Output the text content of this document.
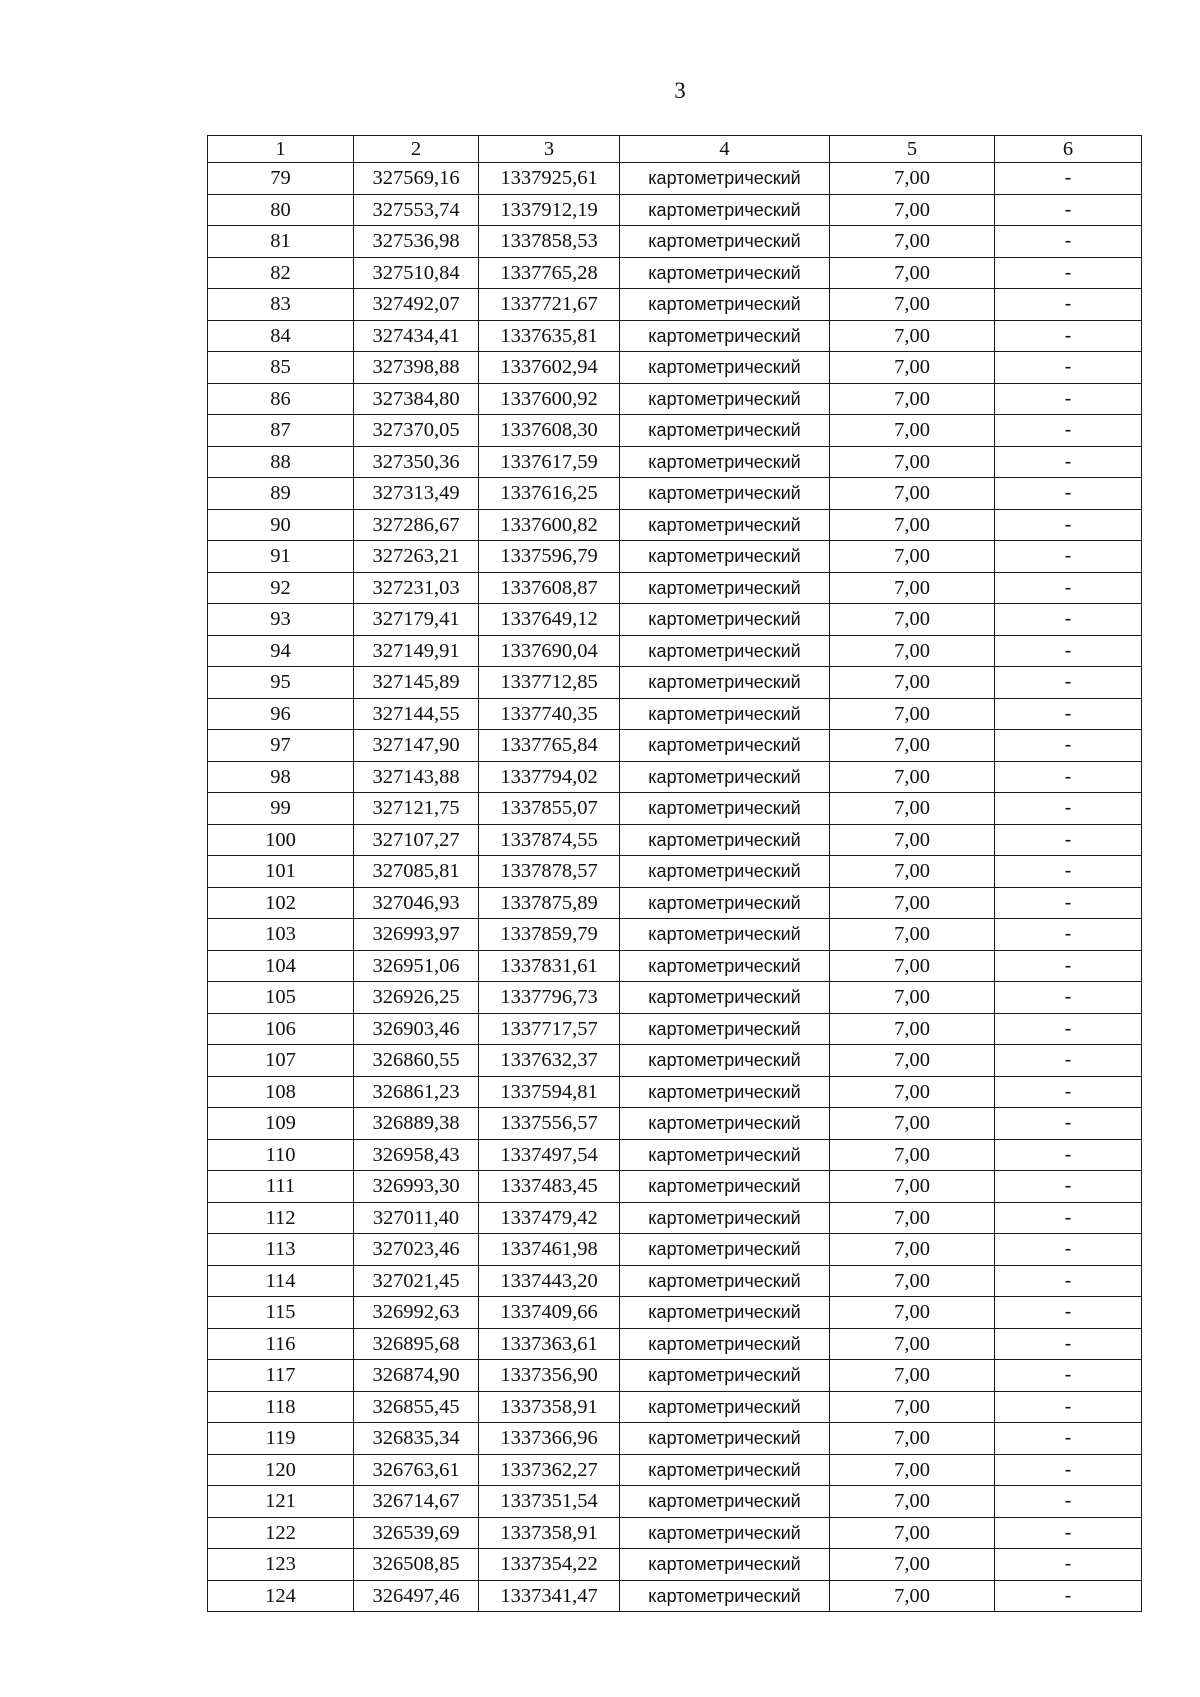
3
1	2	3	4	5	6
79	327569,16	1337925,61	картометрический	7,00	-
80	327553,74	1337912,19	картометрический	7,00	-
81	327536,98	1337858,53	картометрический	7,00	-
82	327510,84	1337765,28	картометрический	7,00	-
83	327492,07	1337721,67	картометрический	7,00	-
84	327434,41	1337635,81	картометрический	7,00	-
85	327398,88	1337602,94	картометрический	7,00	-
86	327384,80	1337600,92	картометрический	7,00	-
87	327370,05	1337608,30	картометрический	7,00	-
88	327350,36	1337617,59	картометрический	7,00	-
89	327313,49	1337616,25	картометрический	7,00	-
90	327286,67	1337600,82	картометрический	7,00	-
91	327263,21	1337596,79	картометрический	7,00	-
92	327231,03	1337608,87	картометрический	7,00	-
93	327179,41	1337649,12	картометрический	7,00	-
94	327149,91	1337690,04	картометрический	7,00	-
95	327145,89	1337712,85	картометрический	7,00	-
96	327144,55	1337740,35	картометрический	7,00	-
97	327147,90	1337765,84	картометрический	7,00	-
98	327143,88	1337794,02	картометрический	7,00	-
99	327121,75	1337855,07	картометрический	7,00	-
100	327107,27	1337874,55	картометрический	7,00	-
101	327085,81	1337878,57	картометрический	7,00	-
102	327046,93	1337875,89	картометрический	7,00	-
103	326993,97	1337859,79	картометрический	7,00	-
104	326951,06	1337831,61	картометрический	7,00	-
105	326926,25	1337796,73	картометрический	7,00	-
106	326903,46	1337717,57	картометрический	7,00	-
107	326860,55	1337632,37	картометрический	7,00	-
108	326861,23	1337594,81	картометрический	7,00	-
109	326889,38	1337556,57	картометрический	7,00	-
110	326958,43	1337497,54	картометрический	7,00	-
111	326993,30	1337483,45	картометрический	7,00	-
112	327011,40	1337479,42	картометрический	7,00	-
113	327023,46	1337461,98	картометрический	7,00	-
114	327021,45	1337443,20	картометрический	7,00	-
115	326992,63	1337409,66	картометрический	7,00	-
116	326895,68	1337363,61	картометрический	7,00	-
117	326874,90	1337356,90	картометрический	7,00	-
118	326855,45	1337358,91	картометрический	7,00	-
119	326835,34	1337366,96	картометрический	7,00	-
120	326763,61	1337362,27	картометрический	7,00	-
121	326714,67	1337351,54	картометрический	7,00	-
122	326539,69	1337358,91	картометрический	7,00	-
123	326508,85	1337354,22	картометрический	7,00	-
124	326497,46	1337341,47	картометрический	7,00	-
